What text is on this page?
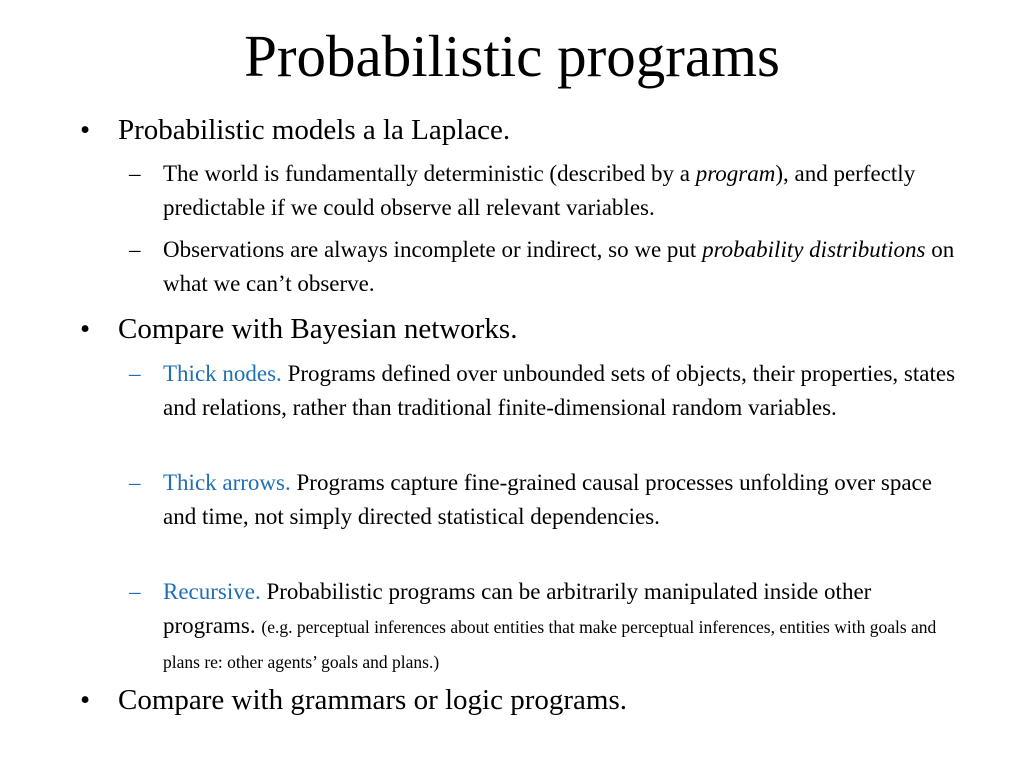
Probabilistic programs
• Probabilistic models a la Laplace.
– The world is fundamentally deterministic (described by a program), and perfectly predictable if we could observe all relevant variables.
– Observations are always incomplete or indirect, so we put probability distributions on what we can’t observe.
• Compare with Bayesian networks.
– Thick nodes. Programs defined over unbounded sets of objects, their properties, states and relations, rather than traditional finite-dimensional random variables.
– Thick arrows. Programs capture fine-grained causal processes unfolding over space and time, not simply directed statistical dependencies.
– Recursive. Probabilistic programs can be arbitrarily manipulated inside other programs. (e.g. perceptual inferences about entities that make perceptual inferences, entities with goals and plans re: other agents’ goals and plans.)
• Compare with grammars or logic programs.
